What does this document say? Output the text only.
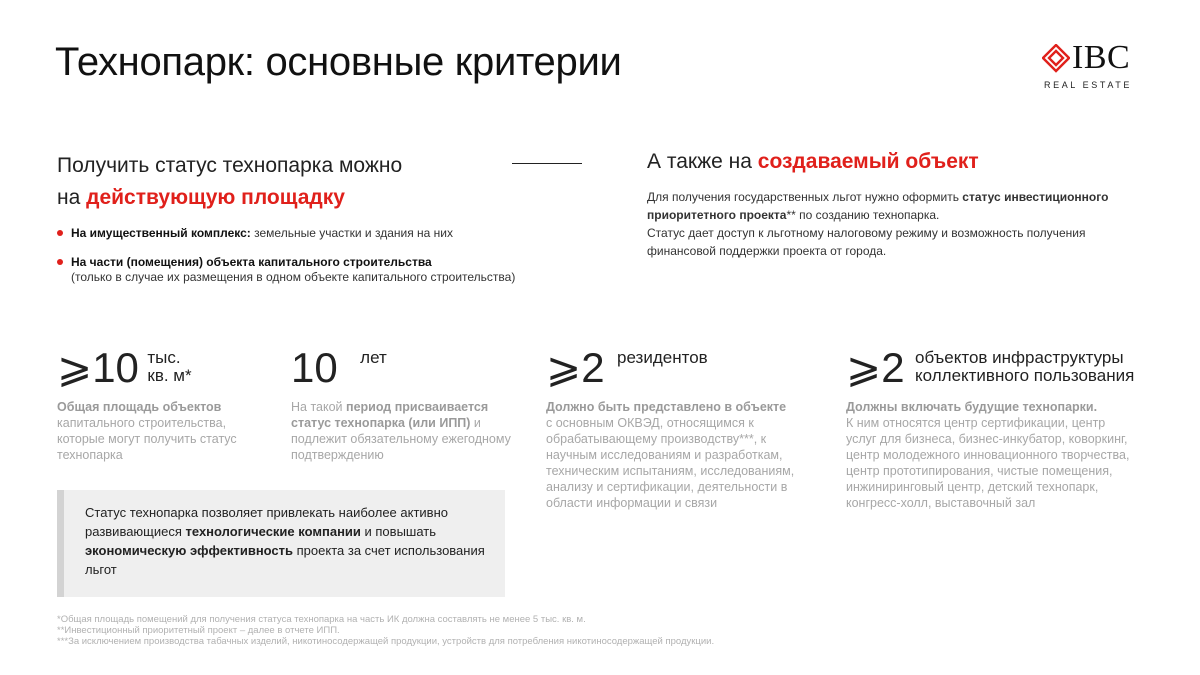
Технопарк: основные критерии	IBC
REAL ESTATE
Получить статус технопарка можно
на действующую площадку
А также на создаваемый объект
Для получения государственных льгот нужно оформить статус инвестиционного приоритетного проекта** по созданию технопарка.
Статус дает доступ к льготному налоговому режиму и возможность получения финансовой поддержки проекта от города.
На имущественный комплекс: земельные участки и здания на них
На части (помещения) объекта капитального строительства
(только в случае их размещения в одном объекте капитального строительства)
⩾10 тыс.
кв. м*
Общая площадь объектов
капитального строительства, которые могут получить статус технопарка
10 лет
На такой период присваивается статус технопарка (или ИПП) и подлежит обязательному ежегодному подтверждению
⩾2 резидентов
Должно быть представлено в объекте
с основным ОКВЭД, относящимся к обрабатывающему производству***, к научным исследованиям и разработкам, техническим испытаниям, исследованиям, анализу и сертификации, деятельности в области информации и связи
⩾2 объектов инфраструктуры
коллективного пользования
Должны включать будущие технопарки.
К ним относятся центр сертификации, центр услуг для бизнеса, бизнес-инкубатор, коворкинг, центр молодежного инновационного творчества, центр прототипирования, чистые помещения, инжиниринговый центр, детский технопарк, конгресс-холл, выставочный зал
Статус технопарка позволяет привлекать наиболее активно развивающиеся технологические компании и повышать экономическую эффективность проекта за счет использования льгот
*Общая площадь помещений для получения статуса технопарка на часть ИК должна составлять не менее 5 тыс. кв. м.
**Инвестиционный приоритетный проект – далее в отчете ИПП.
***За исключением производства табачных изделий, никотиносодержащей продукции, устройств для потребления никотиносодержащей продукции.
